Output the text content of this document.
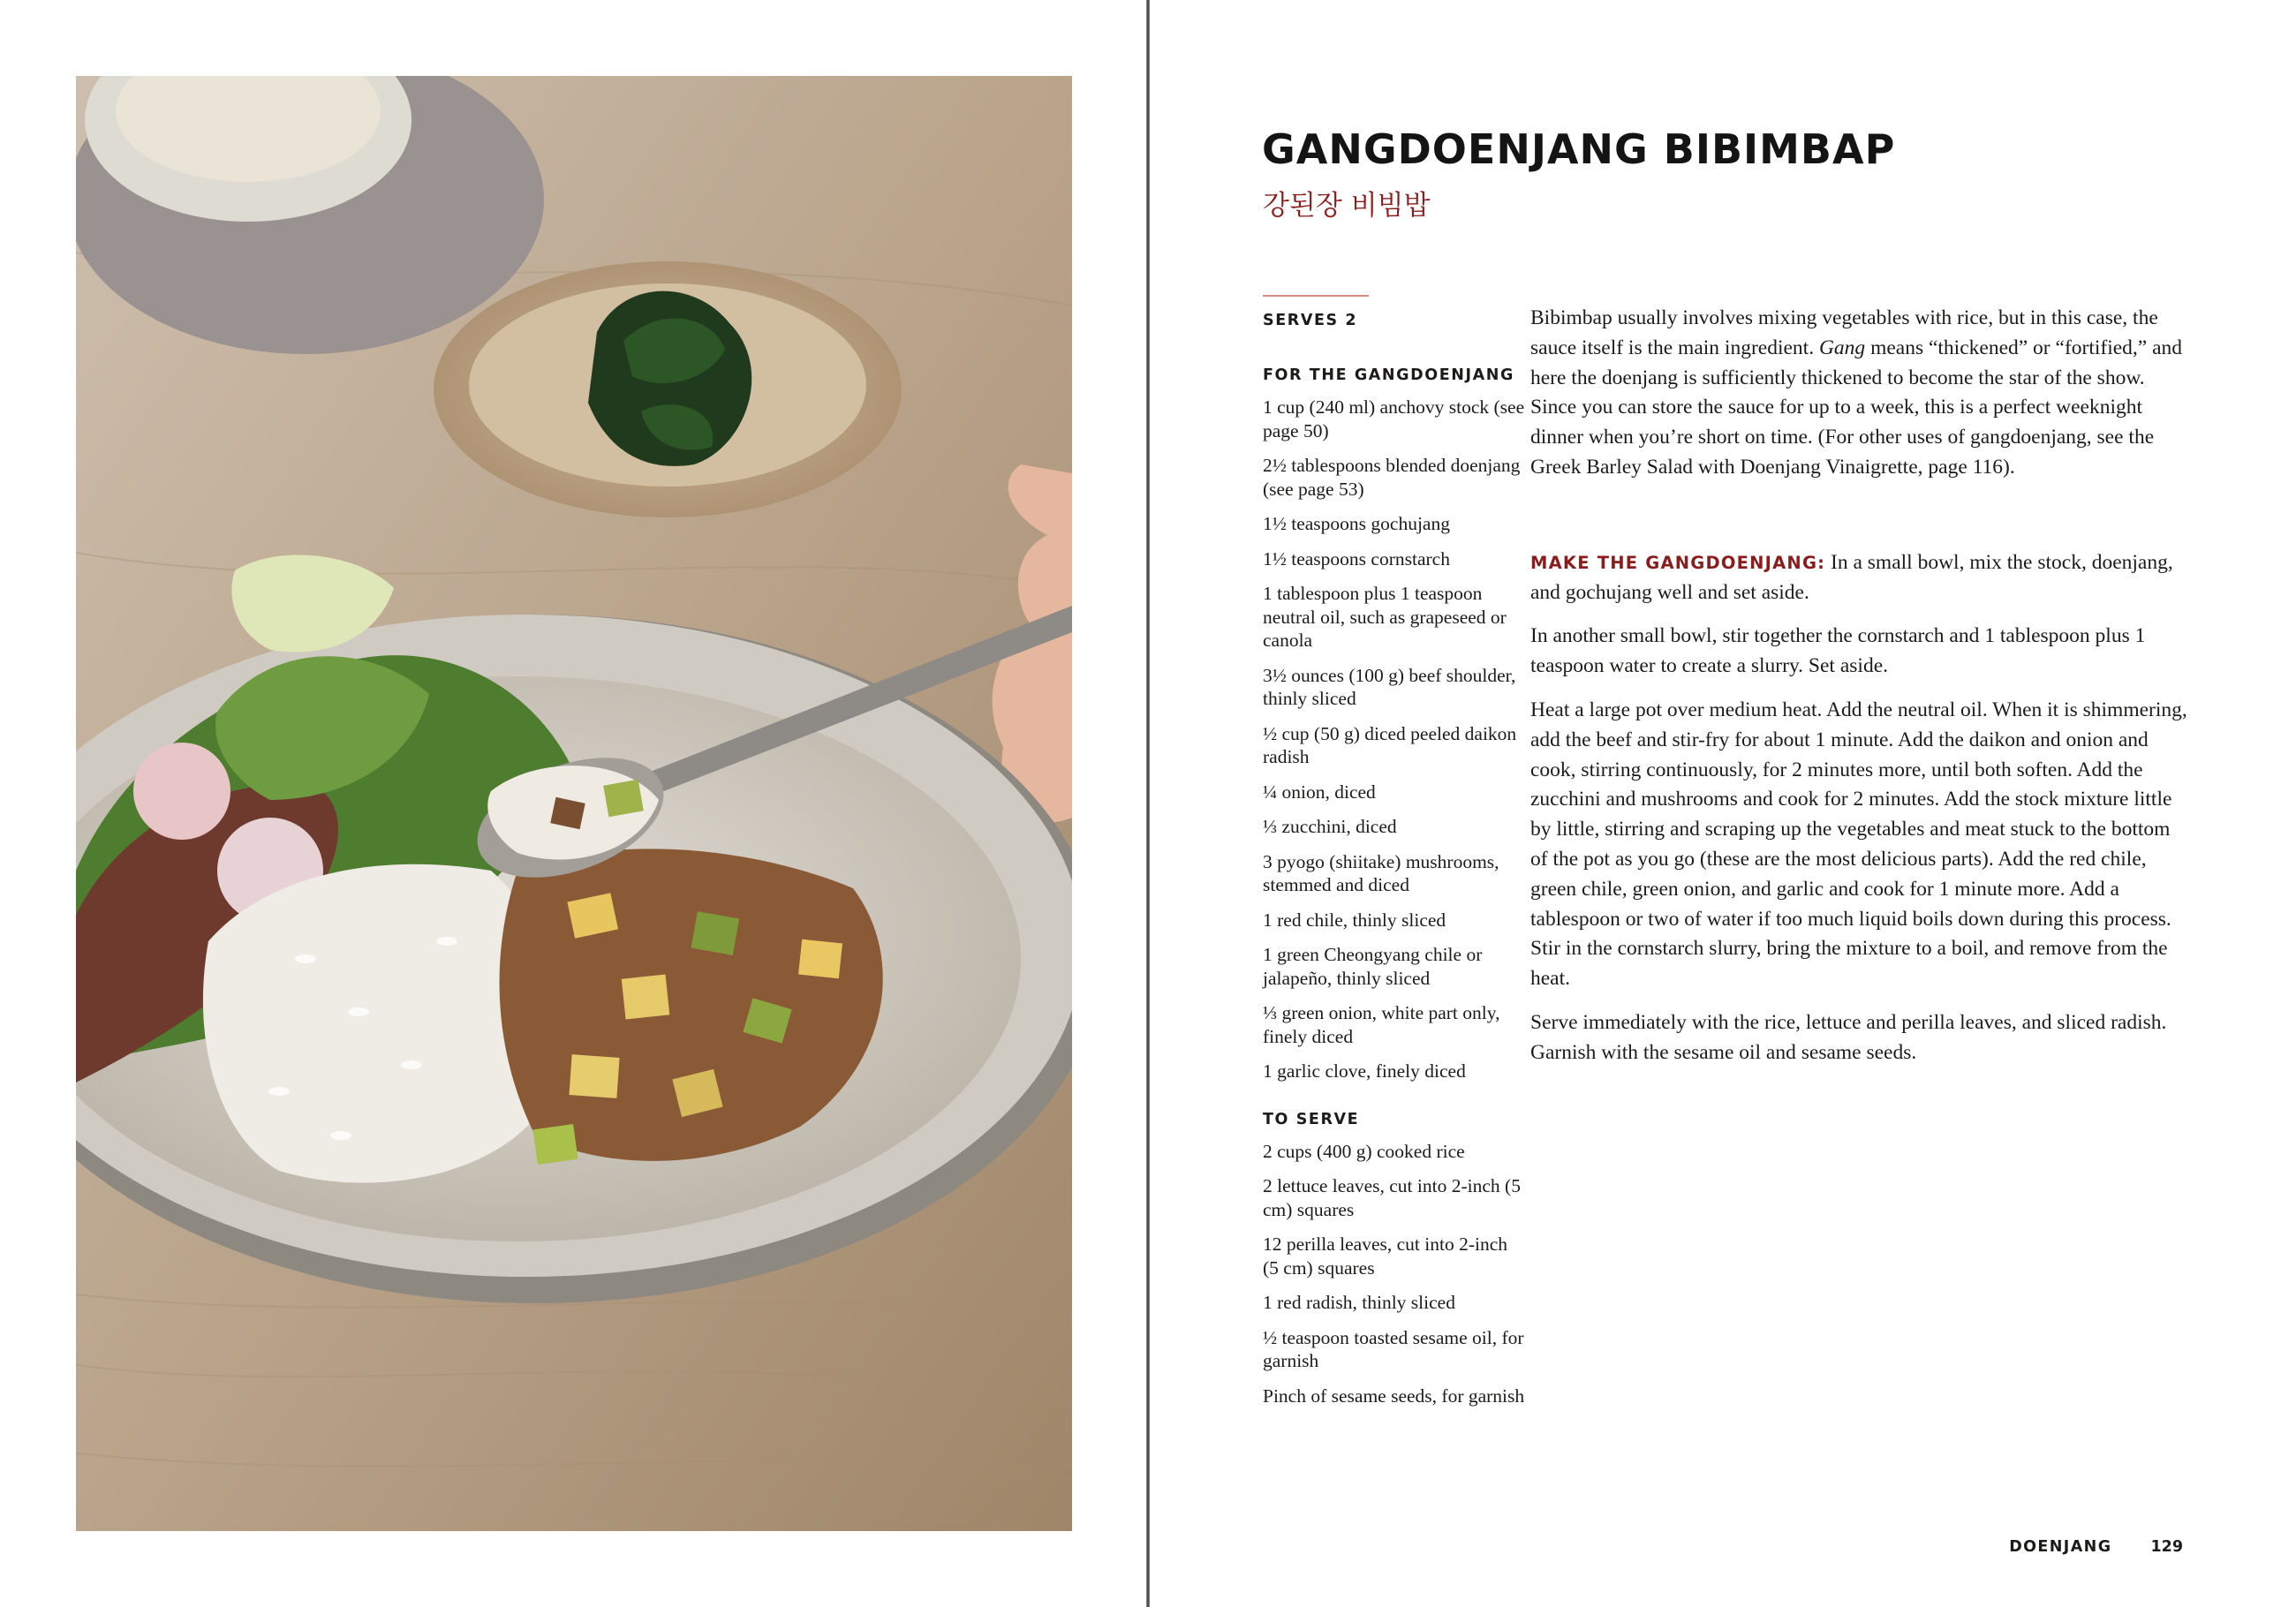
GANGDOENJANG BIBIMBAP
강된장 비빔밥
SERVES 2
FOR THE GANGDOENJANG
1 cup (240 ml) anchovy stock (see page 50)
2½ tablespoons blended doenjang (see page 53)
1½ teaspoons gochujang
1½ teaspoons cornstarch
1 tablespoon plus 1 teaspoon neutral oil, such as grapeseed or canola
3½ ounces (100 g) beef shoulder, thinly sliced
½ cup (50 g) diced peeled daikon radish
¼ onion, diced
⅓ zucchini, diced
3 pyogo (shiitake) mushrooms, stemmed and diced
1 red chile, thinly sliced
1 green Cheongyang chile or jalapeño, thinly sliced
⅓ green onion, white part only, finely diced
1 garlic clove, finely diced
TO SERVE
2 cups (400 g) cooked rice
2 lettuce leaves, cut into 2-inch (5 cm) squares
12 perilla leaves, cut into 2-inch (5 cm) squares
1 red radish, thinly sliced
½ teaspoon toasted sesame oil, for garnish
Pinch of sesame seeds, for garnish

Bibimbap usually involves mixing vegetables with rice, but in this case, the sauce itself is the main ingredient. Gang means “thickened” or “fortified,” and here the doenjang is sufficiently thickened to become the star of the show. Since you can store the sauce for up to a week, this is a perfect weeknight dinner when you’re short on time. (For other uses of gangdoenjang, see the Greek Barley Salad with Doenjang Vinaigrette, page 116).

MAKE THE GANGDOENJANG: In a small bowl, mix the stock, doenjang, and gochujang well and set aside.

In another small bowl, stir together the cornstarch and 1 tablespoon plus 1 teaspoon water to create a slurry. Set aside.

Heat a large pot over medium heat. Add the neutral oil. When it is shimmering, add the beef and stir-fry for about 1 minute. Add the daikon and onion and cook, stirring continuously, for 2 minutes more, until both soften. Add the zucchini and mushrooms and cook for 2 minutes. Add the stock mixture little by little, stirring and scraping up the vegetables and meat stuck to the bottom of the pot as you go (these are the most delicious parts). Add the red chile, green chile, green onion, and garlic and cook for 1 minute more. Add a tablespoon or two of water if too much liquid boils down during this process. Stir in the cornstarch slurry, bring the mixture to a boil, and remove from the heat.

Serve immediately with the rice, lettuce and perilla leaves, and sliced radish. Garnish with the sesame oil and sesame seeds.

DOENJANG	129
